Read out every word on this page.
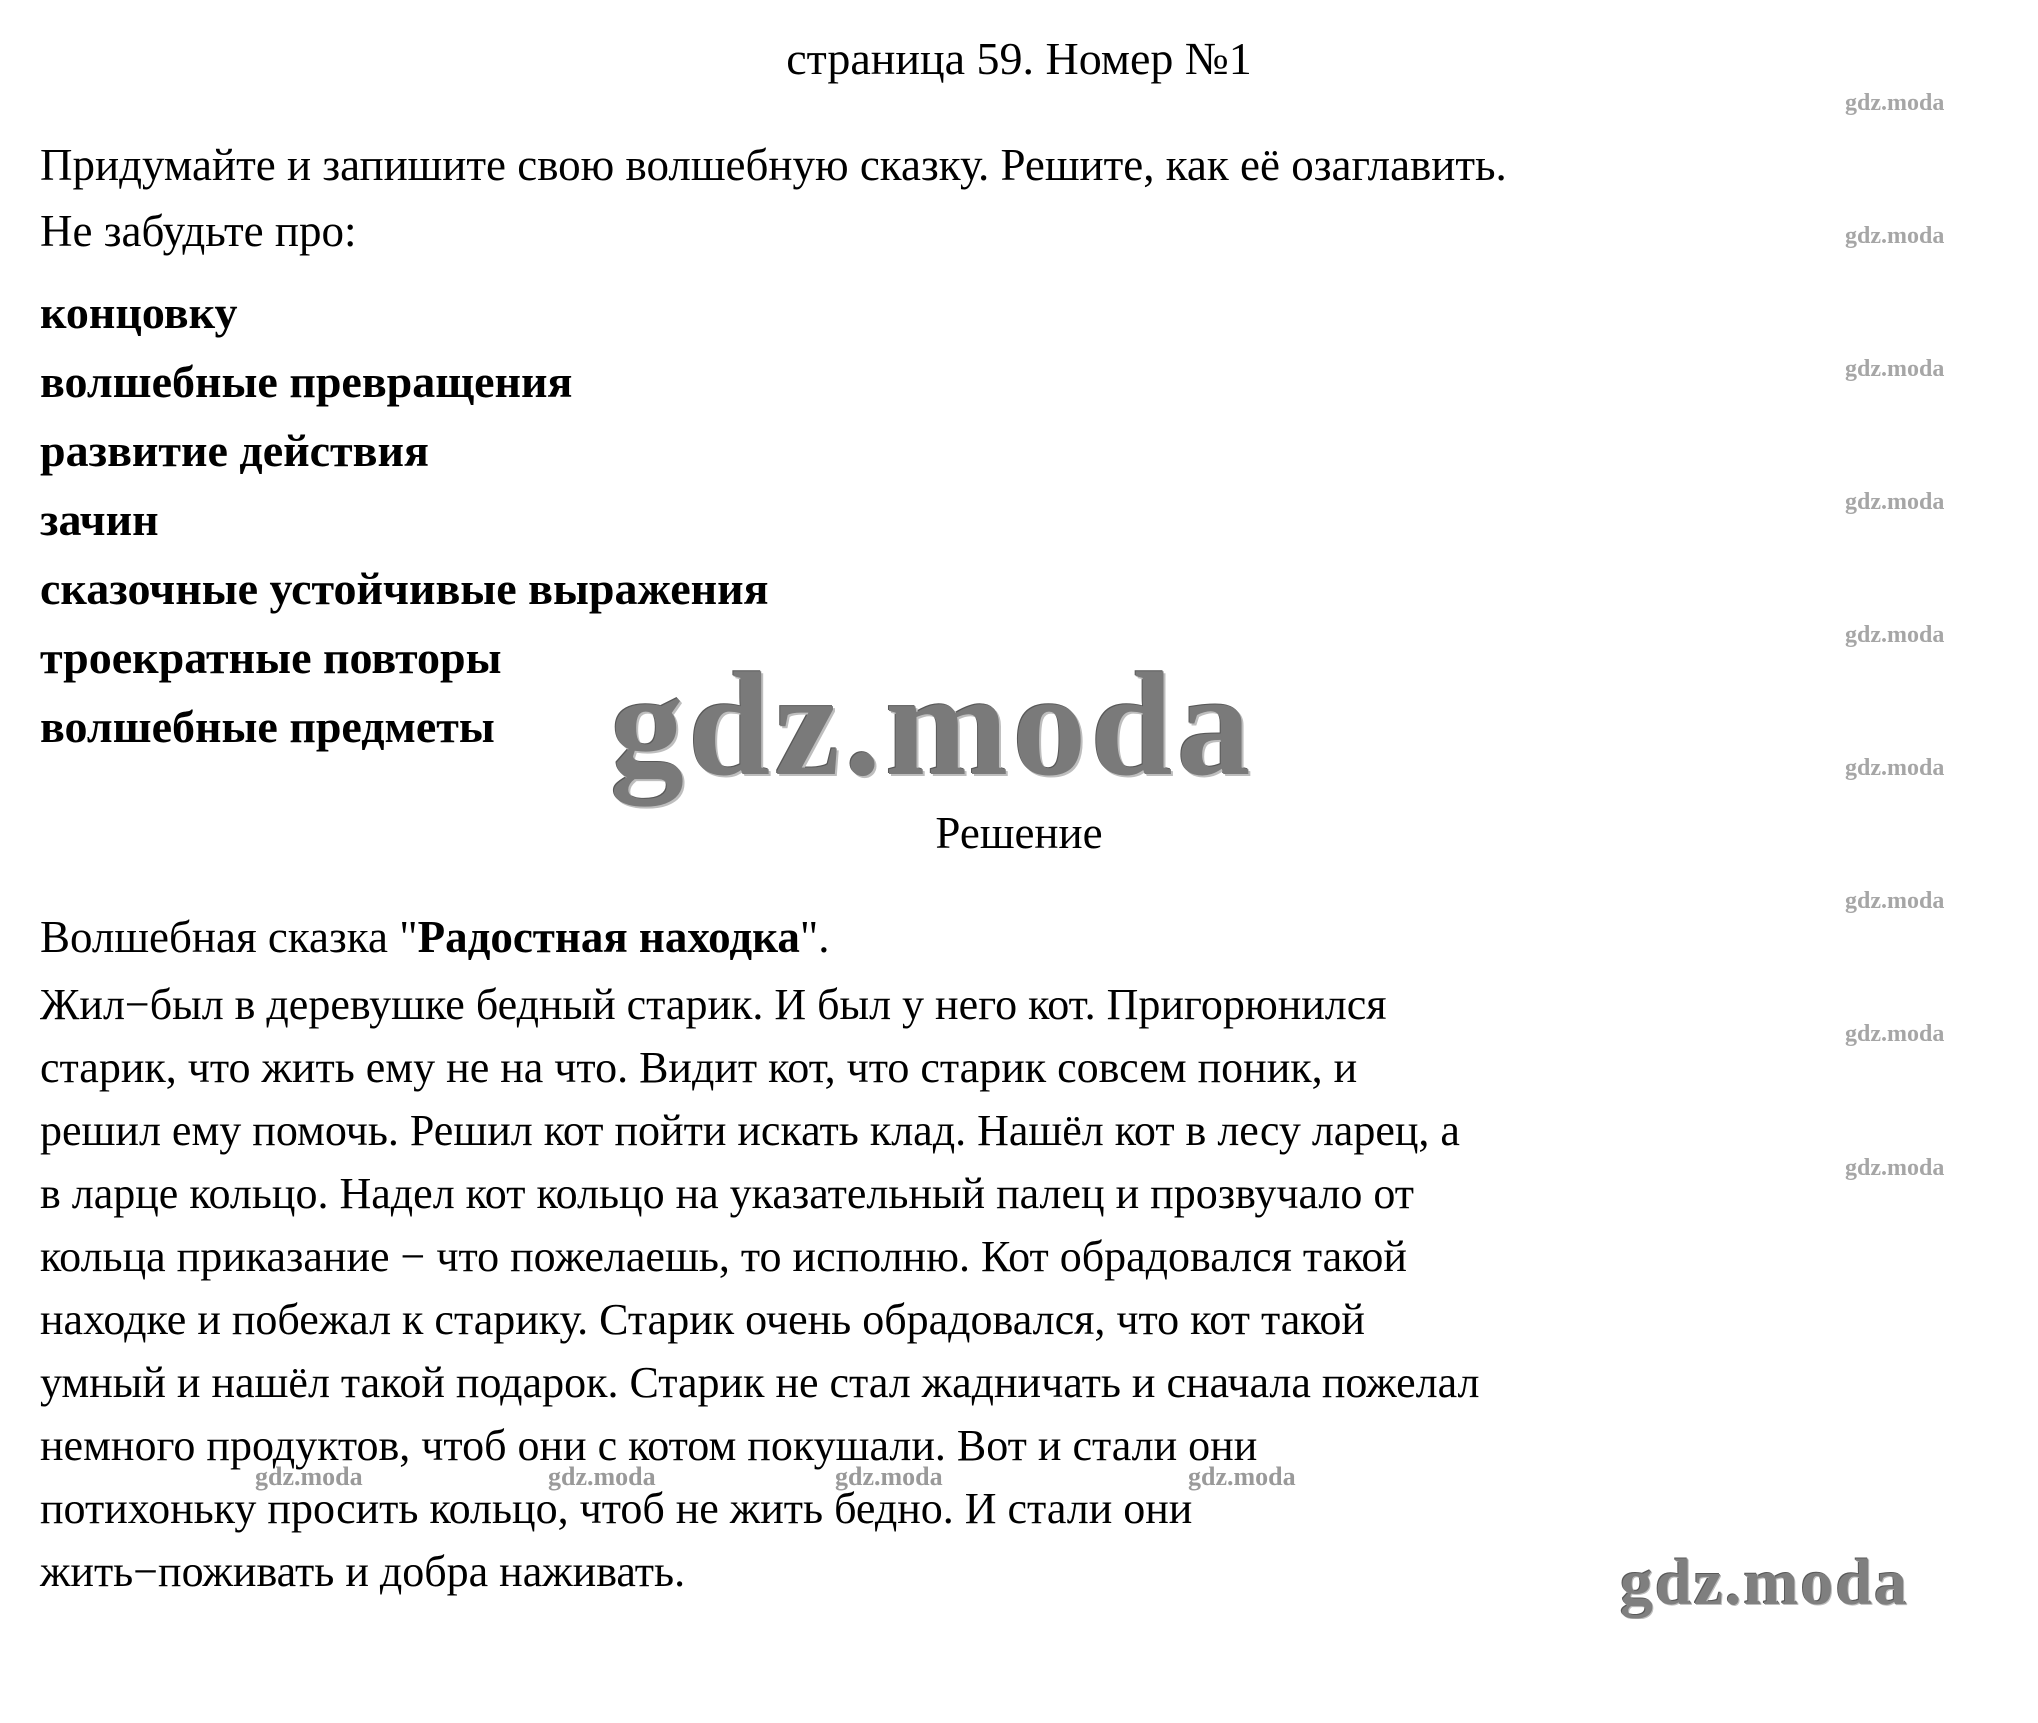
страница 59. Номер №1
Придумайте и запишите свою волшебную сказку. Решите, как её озаглавить.
Не забудьте про:
концовку
волшебные превращения
развитие действия
зачин
сказочные устойчивые выражения
троекратные повторы
волшебные предметы
Решение
Волшебная сказка "Радостная находка".
Жил−был в деревушке бедный старик. И был у него кот. Пригорюнился
старик, что жить ему не на что. Видит кот, что старик совсем поник, и
решил ему помочь. Решил кот пойти искать клад. Нашёл кот в лесу ларец, а
в ларце кольцо. Надел кот кольцо на указательный палец и прозвучало от
кольца приказание − что пожелаешь, то исполню. Кот обрадовался такой
находке и побежал к старику. Старик очень обрадовался, что кот такой
умный и нашёл такой подарок. Старик не стал жадничать и сначала пожелал
немного продуктов, чтоб они с котом покушали. Вот и стали они
потихоньку просить кольцо, чтоб не жить бедно. И стали они
жить−поживать и добра наживать.
gdz.moda
gdz.moda
gdz.moda
gdz.moda
gdz.moda
gdz.moda
gdz.moda
gdz.moda
gdz.moda
gdz.moda	gdz.moda	gdz.moda	gdz.moda
gdz.moda
gdz.moda
